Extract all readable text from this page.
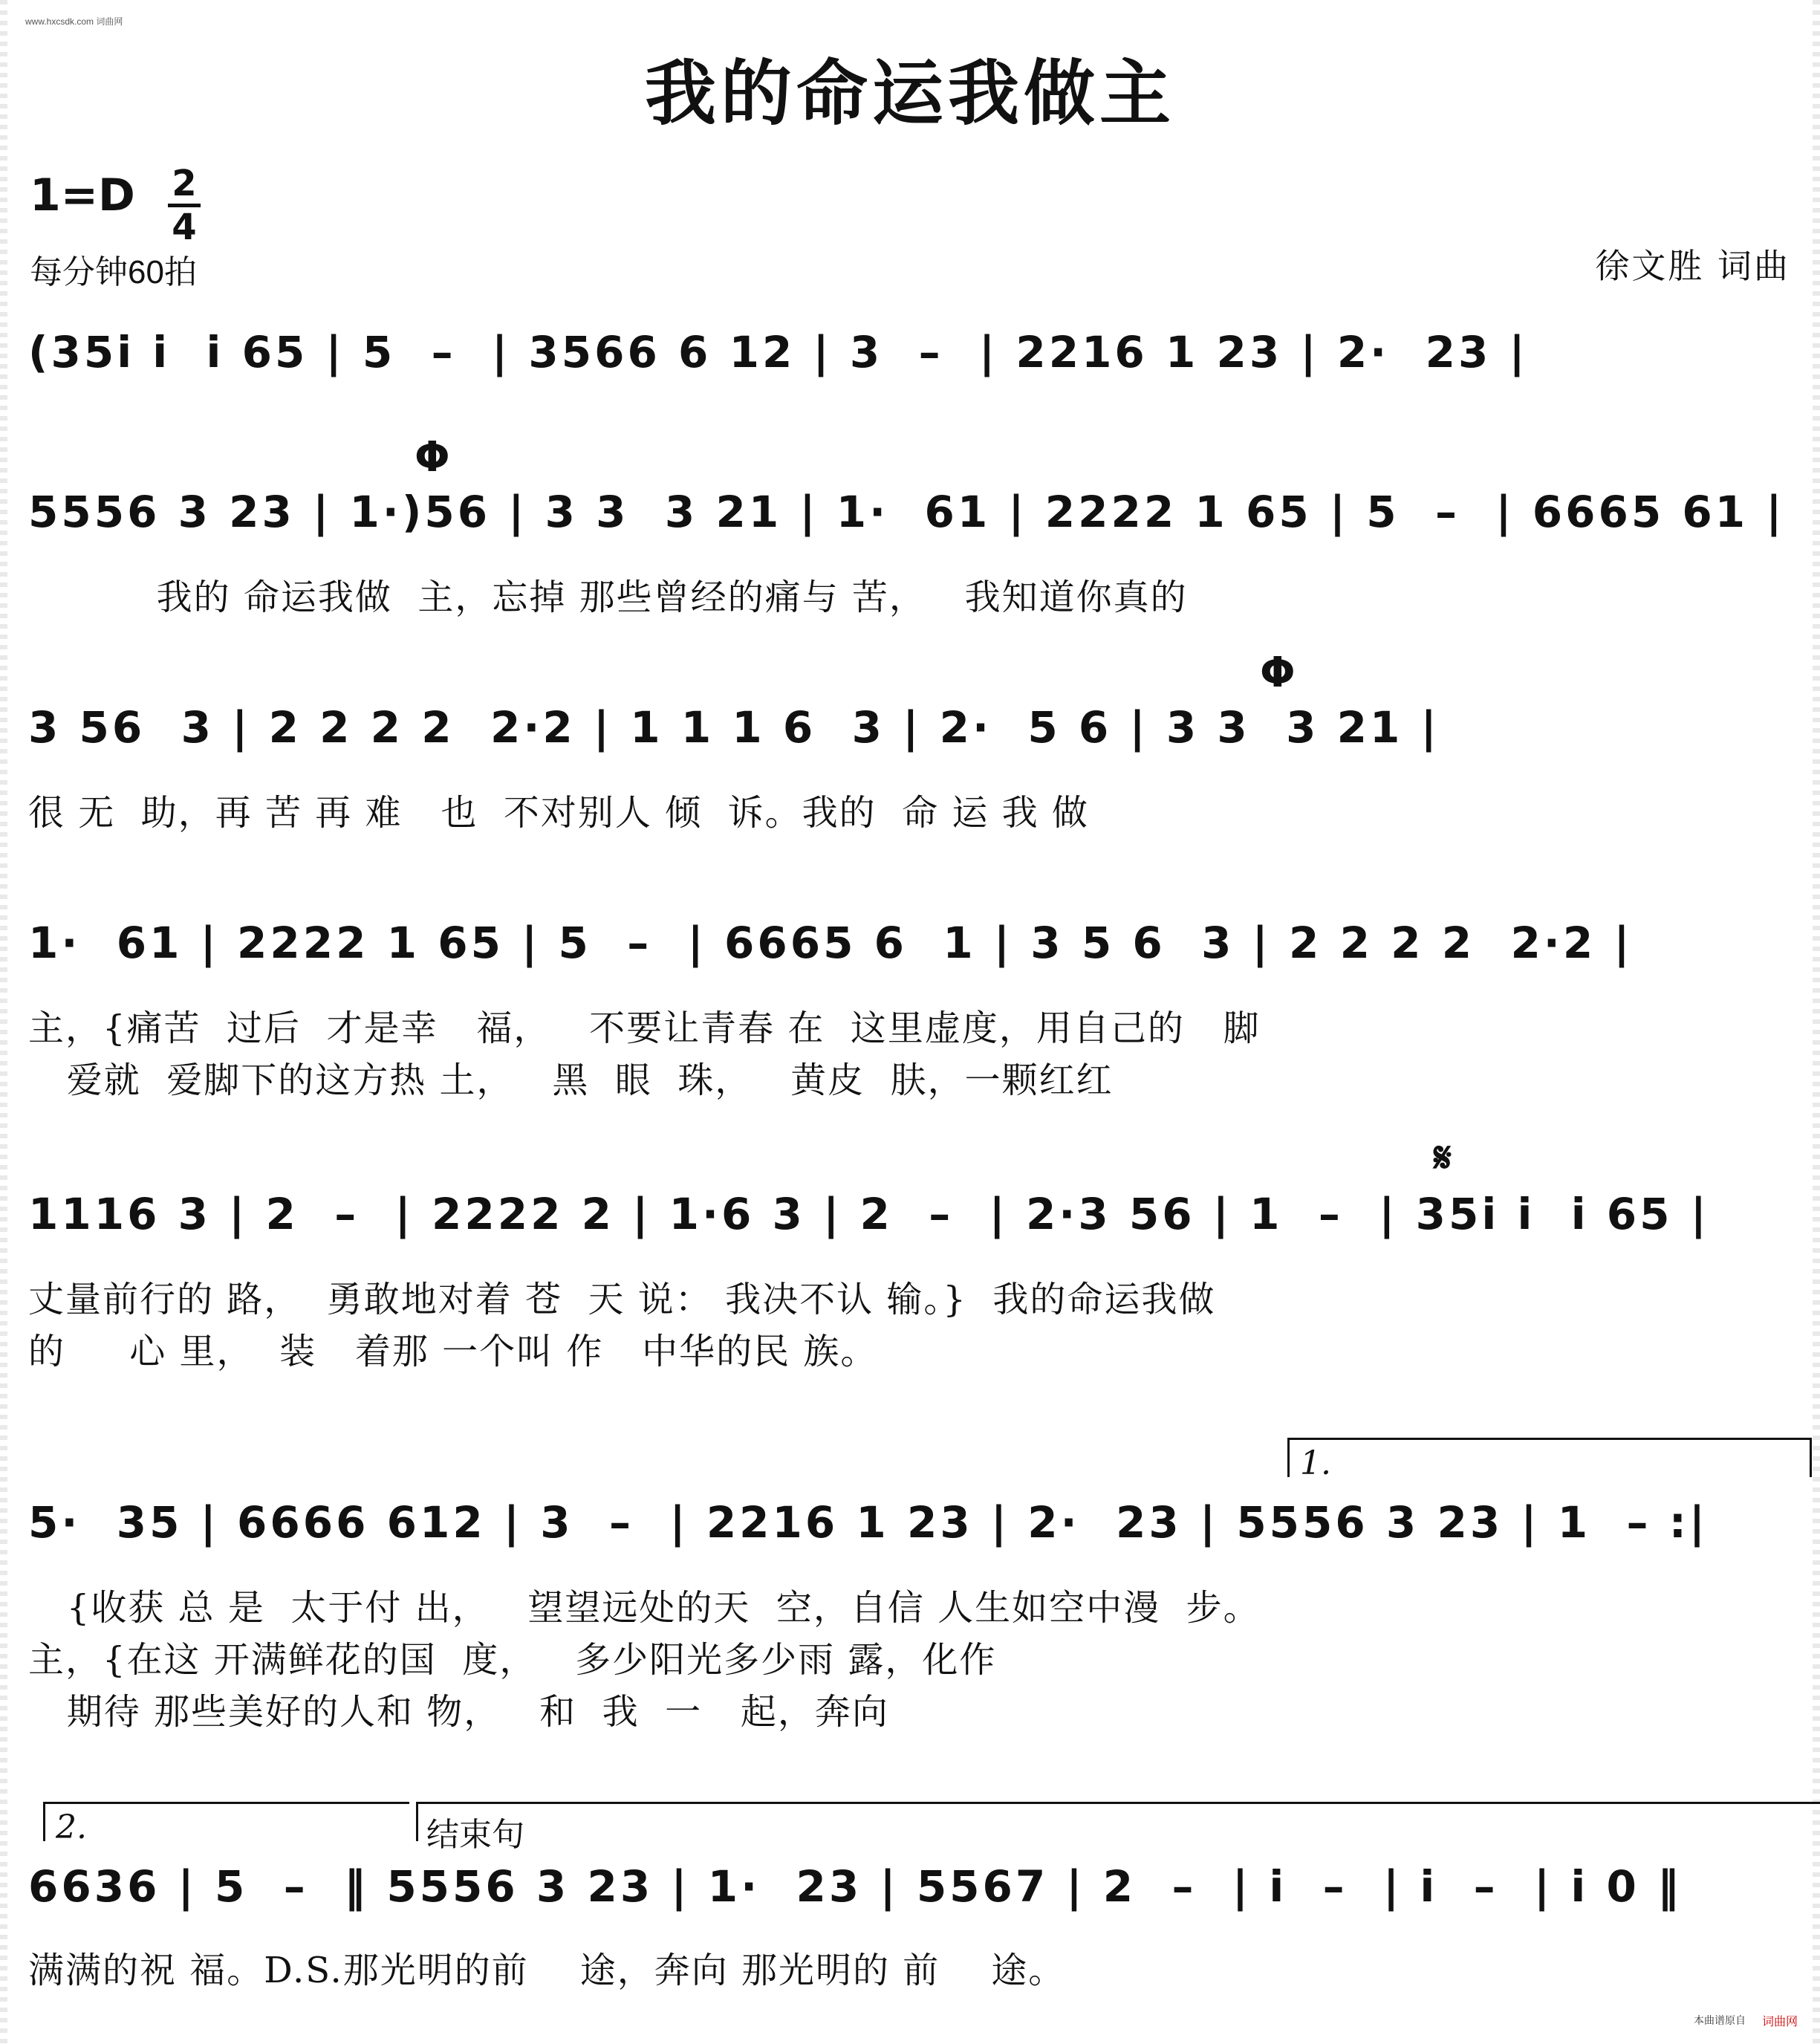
www.hxcsdk.com 词曲网
我的命运我做主
1=D 2
4
每分钟60拍	徐文胜 词曲
(35i i  i 65 | 5  –  | 3566 6 12 | 3  –  | 2216 1 23 | 2·  23 |
Φ
5556 3 23 | 1·)56 | 3 3  3 21 | 1·  61 | 2222 1 65 | 5  –  | 6665 61 |
我的 命运我做  主，忘掉 那些曾经的痛与 苦，   我知道你真的
Φ
3 56  3 | 2 2 2 2  2·2 | 1 1 1 6  3 | 2·  5 6 | 3 3  3 21 |
很 无  助，再 苦 再 难   也  不对别人 倾  诉。我的  命 运 我 做
1·  61 | 2222 1 65 | 5  –  | 6665 6  1 | 3 5 6  3 | 2 2 2 2  2·2 |
主，{痛苦  过后  才是幸   福，   不要让青春 在  这里虚度，用自己的   脚
爱就  爱脚下的这方热 土，   黑  眼  珠，   黄皮  肤，一颗红红
𝄋
1116 3 | 2  –  | 2222 2 | 1·6 3 | 2  –  | 2·3 56 | 1  –  | 35i i  i 65 |
丈量前行的 路，  勇敢地对着 苍  天 说： 我决不认 输。}  我的命运我做
的     心 里，  装   着那 一个叫 作   中华的民 族。
1.
5·  35 | 6666 612 | 3  –  | 2216 1 23 | 2·  23 | 5556 3 23 | 1  – :|
{收获 总 是  太于付 出，   望望远处的天  空，自信 人生如空中漫  步。
主，{在这 开满鲜花的国  度，   多少阳光多少雨 露，化作
期待 那些美好的人和 物，   和  我  一   起，奔向
2.	结束句
6636 | 5  –  ‖ 5556 3 23 | 1·  23 | 5567 | 2  –  | i  –  | i  –  | i 0 ‖
满满的祝 福。D.S.那光明的前    途，奔向 那光明的 前    途。
本曲谱原自 词曲网
